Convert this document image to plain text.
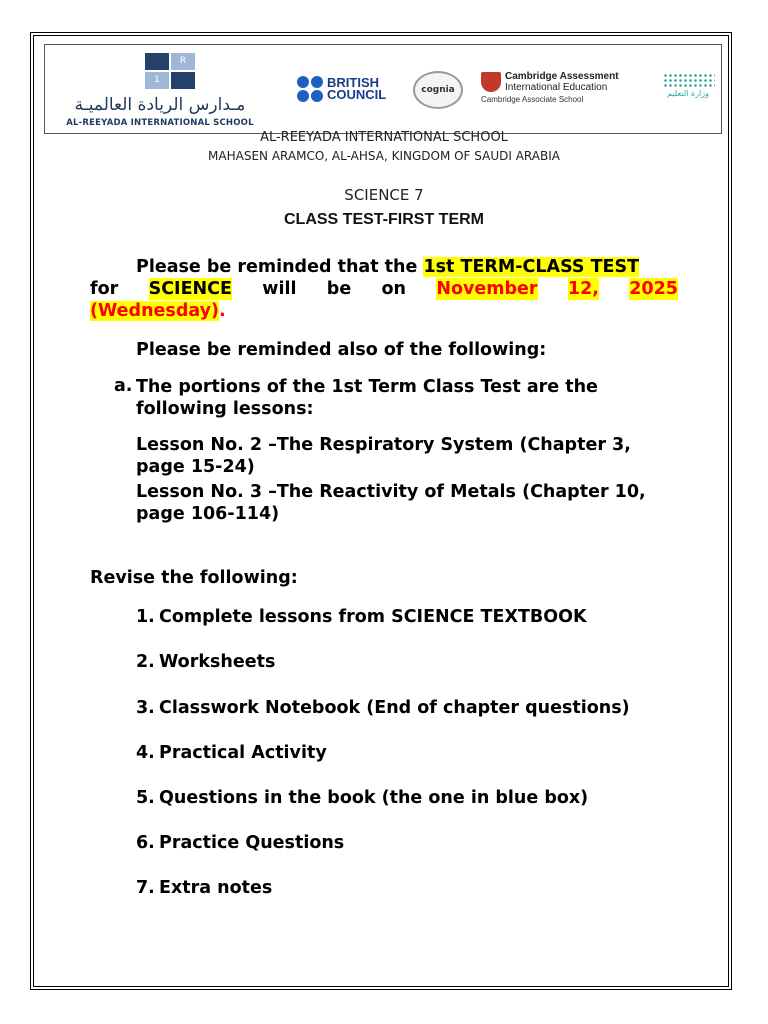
R
1
مـدارس الريادة العالميـة
AL-REEYADA INTERNATIONAL SCHOOL
BRITISH
COUNCIL	cognia
Cambridge Assessment
International Education
Cambridge Associate School
وزارة التعليم
AL-REEYADA INTERNATIONAL SCHOOL
MAHASEN ARAMCO, AL-AHSA, KINGDOM OF SAUDI ARABIA
SCIENCE 7
CLASS TEST-FIRST TERM
Please be reminded that the 1st TERM-CLASS TEST
for SCIENCE will be on November 12, 2025
(Wednesday).
Please be reminded also of the following:
a. The portions of the 1st Term Class Test are the following lessons:
Lesson No. 2 –The Respiratory System (Chapter 3, page 15-24)
Lesson No. 3 –The Reactivity of Metals (Chapter 10, page 106-114)
Revise the following:
1. Complete lessons from SCIENCE TEXTBOOK
2. Worksheets
3. Classwork Notebook (End of chapter questions)
4. Practical Activity
5. Questions in the book (the one in blue box)
6. Practice Questions
7. Extra notes
